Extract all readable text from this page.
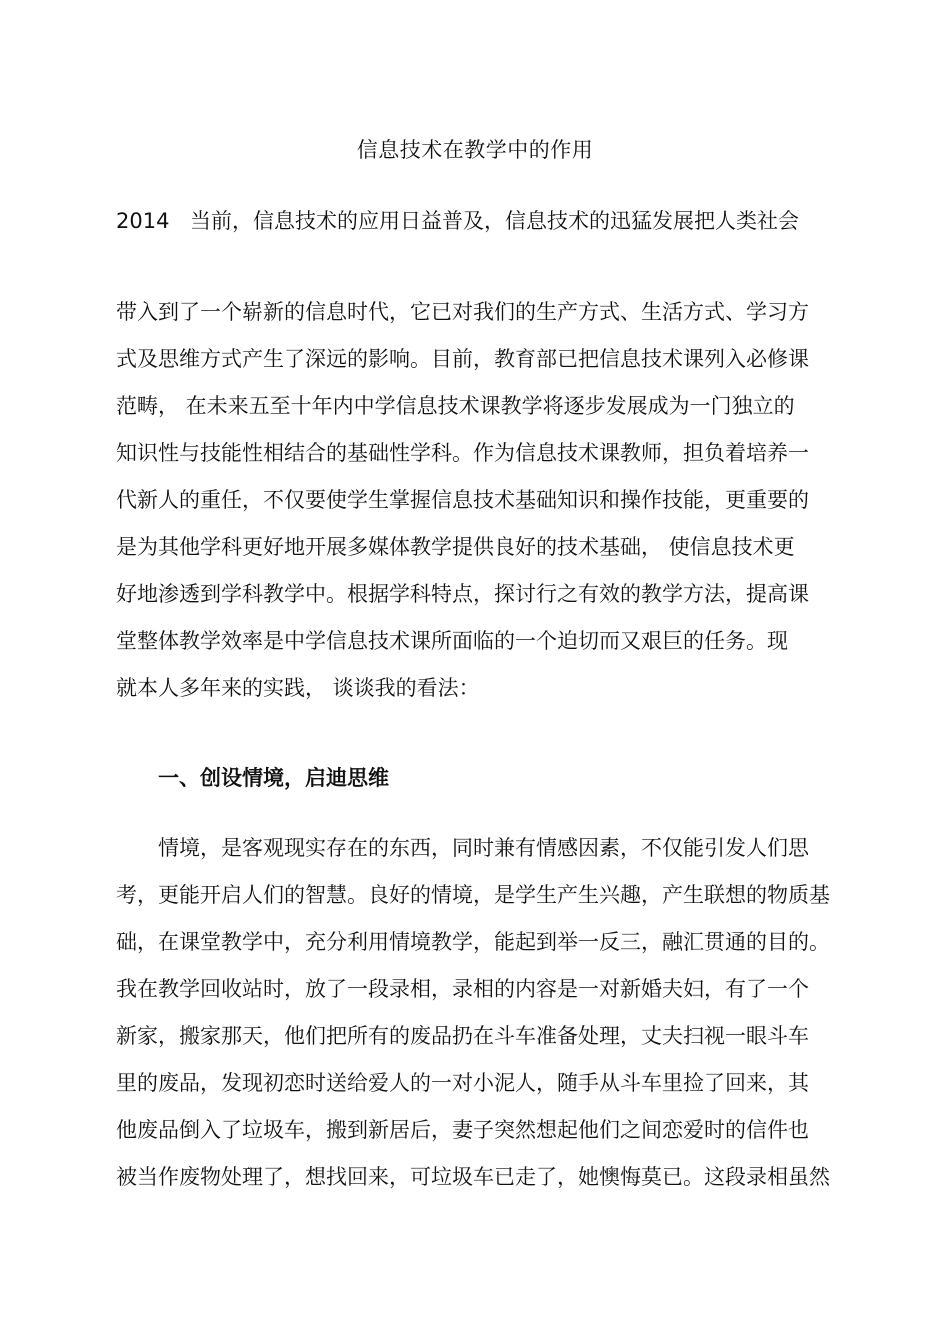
信息技术在教学中的作用
2014 当前，信息技术的应用日益普及，信息技术的迅猛发展把人类社会
带入到了一个崭新的信息时代，它已对我们的生产方式、生活方式、学习方
式及思维方式产生了深远的影响。目前，教育部已把信息技术课列入必修课
范畴， 在未来五至十年内中学信息技术课教学将逐步发展成为一门独立的
知识性与技能性相结合的基础性学科。作为信息技术课教师，担负着培养一
代新人的重任，不仅要使学生掌握信息技术基础知识和操作技能，更重要的
是为其他学科更好地开展多媒体教学提供良好的技术基础， 使信息技术更
好地渗透到学科教学中。根据学科特点，探讨行之有效的教学方法，提高课
堂整体教学效率是中学信息技术课所面临的一个迫切而又艰巨的任务。现
就本人多年来的实践， 谈谈我的看法：
一、创设情境，启迪思维
情境，是客观现实存在的东西，同时兼有情感因素，不仅能引发人们思
考，更能开启人们的智慧。良好的情境，是学生产生兴趣，产生联想的物质基
础，在课堂教学中，充分利用情境教学，能起到举一反三，融汇贯通的目的。
我在教学回收站时，放了一段录相，录相的内容是一对新婚夫妇，有了一个
新家，搬家那天，他们把所有的废品扔在斗车准备处理，丈夫扫视一眼斗车
里的废品，发现初恋时送给爱人的一对小泥人，随手从斗车里捡了回来，其
他废品倒入了垃圾车，搬到新居后，妻子突然想起他们之间恋爱时的信件也
被当作废物处理了，想找回来，可垃圾车已走了，她懊悔莫已。这段录相虽然
